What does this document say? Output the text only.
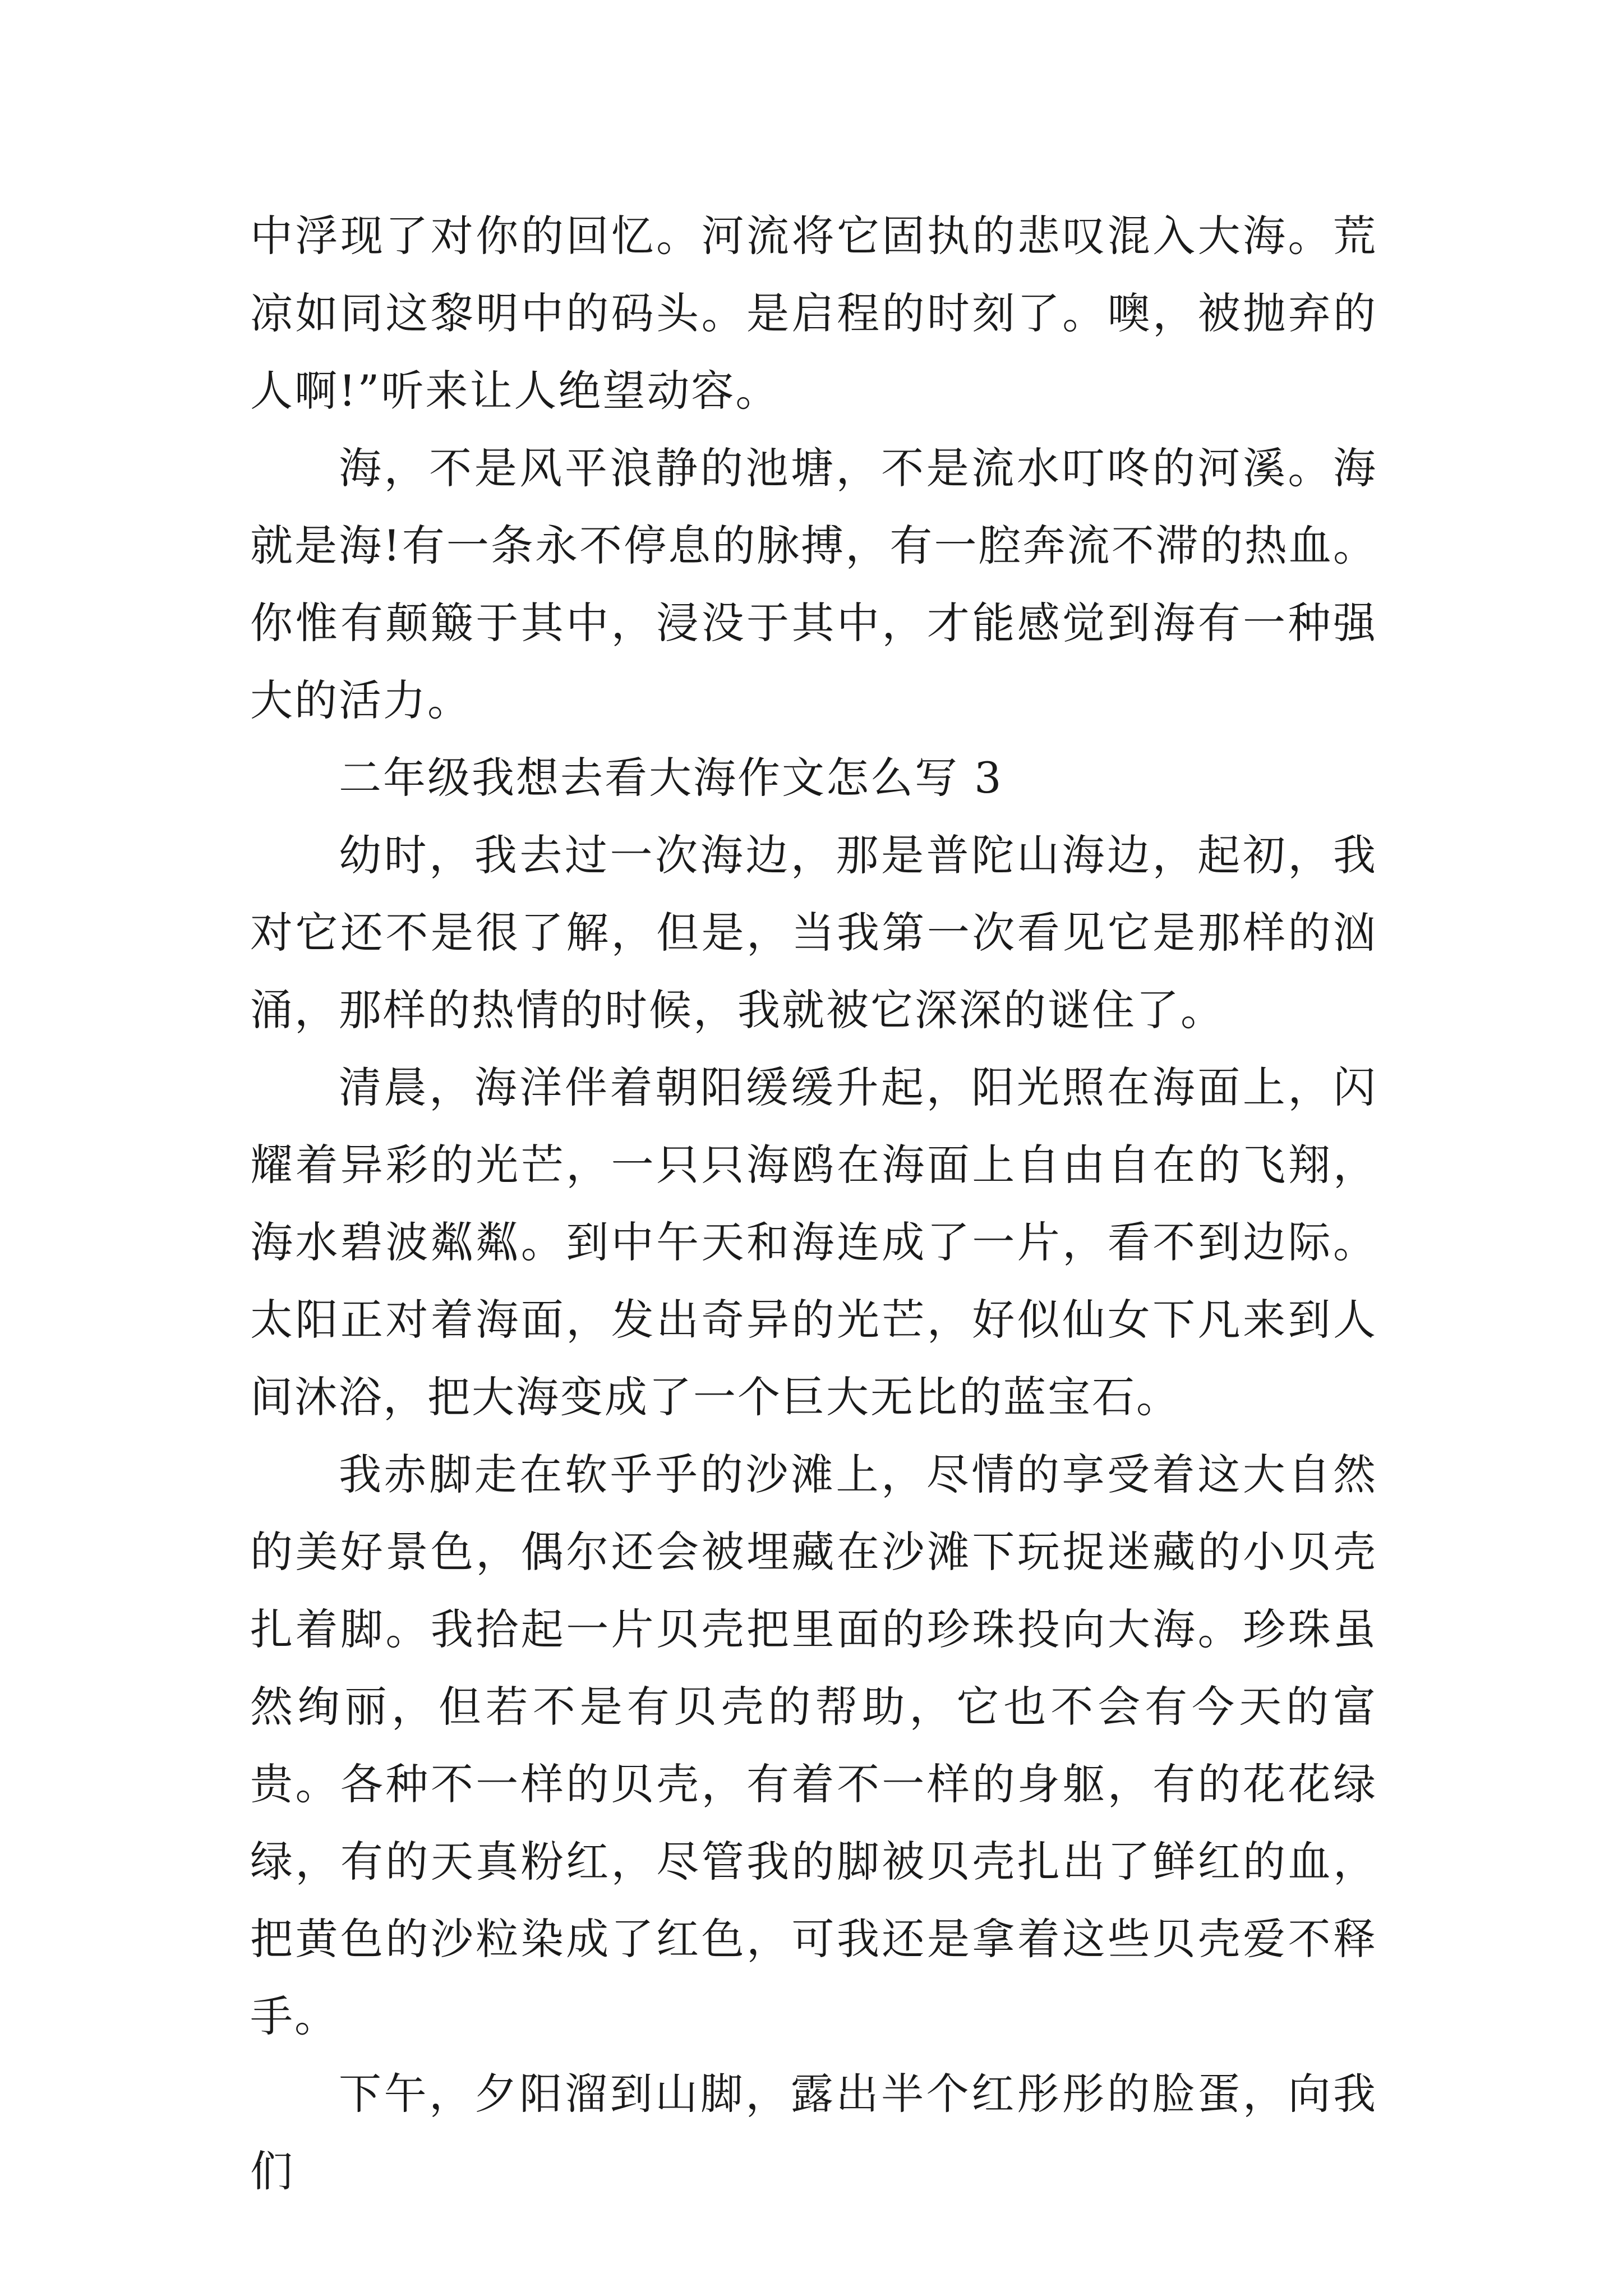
中浮现了对你的回忆。河流将它固执的悲叹混入大海。荒凉如同这黎明中的码头。是启程的时刻了。噢，被抛弃的人啊!”听来让人绝望动容。

海，不是风平浪静的池塘，不是流水叮咚的河溪。海就是海!有一条永不停息的脉搏，有一腔奔流不滞的热血。你惟有颠簸于其中，浸没于其中，才能感觉到海有一种强大的活力。

二年级我想去看大海作文怎么写 3

幼时，我去过一次海边，那是普陀山海边，起初，我对它还不是很了解，但是，当我第一次看见它是那样的汹涌，那样的热情的时候，我就被它深深的谜住了。

清晨，海洋伴着朝阳缓缓升起，阳光照在海面上，闪耀着异彩的光芒，一只只海鸥在海面上自由自在的飞翔，海水碧波粼粼。到中午天和海连成了一片，看不到边际。太阳正对着海面，发出奇异的光芒，好似仙女下凡来到人间沐浴，把大海变成了一个巨大无比的蓝宝石。

我赤脚走在软乎乎的沙滩上，尽情的享受着这大自然的美好景色，偶尔还会被埋藏在沙滩下玩捉迷藏的小贝壳扎着脚。我拾起一片贝壳把里面的珍珠投向大海。珍珠虽然绚丽，但若不是有贝壳的帮助，它也不会有今天的富贵。各种不一样的贝壳，有着不一样的身躯，有的花花绿绿，有的天真粉红，尽管我的脚被贝壳扎出了鲜红的血，把黄色的沙粒染成了红色，可我还是拿着这些贝壳爱不释手。

下午，夕阳溜到山脚，露出半个红彤彤的脸蛋，向我们
